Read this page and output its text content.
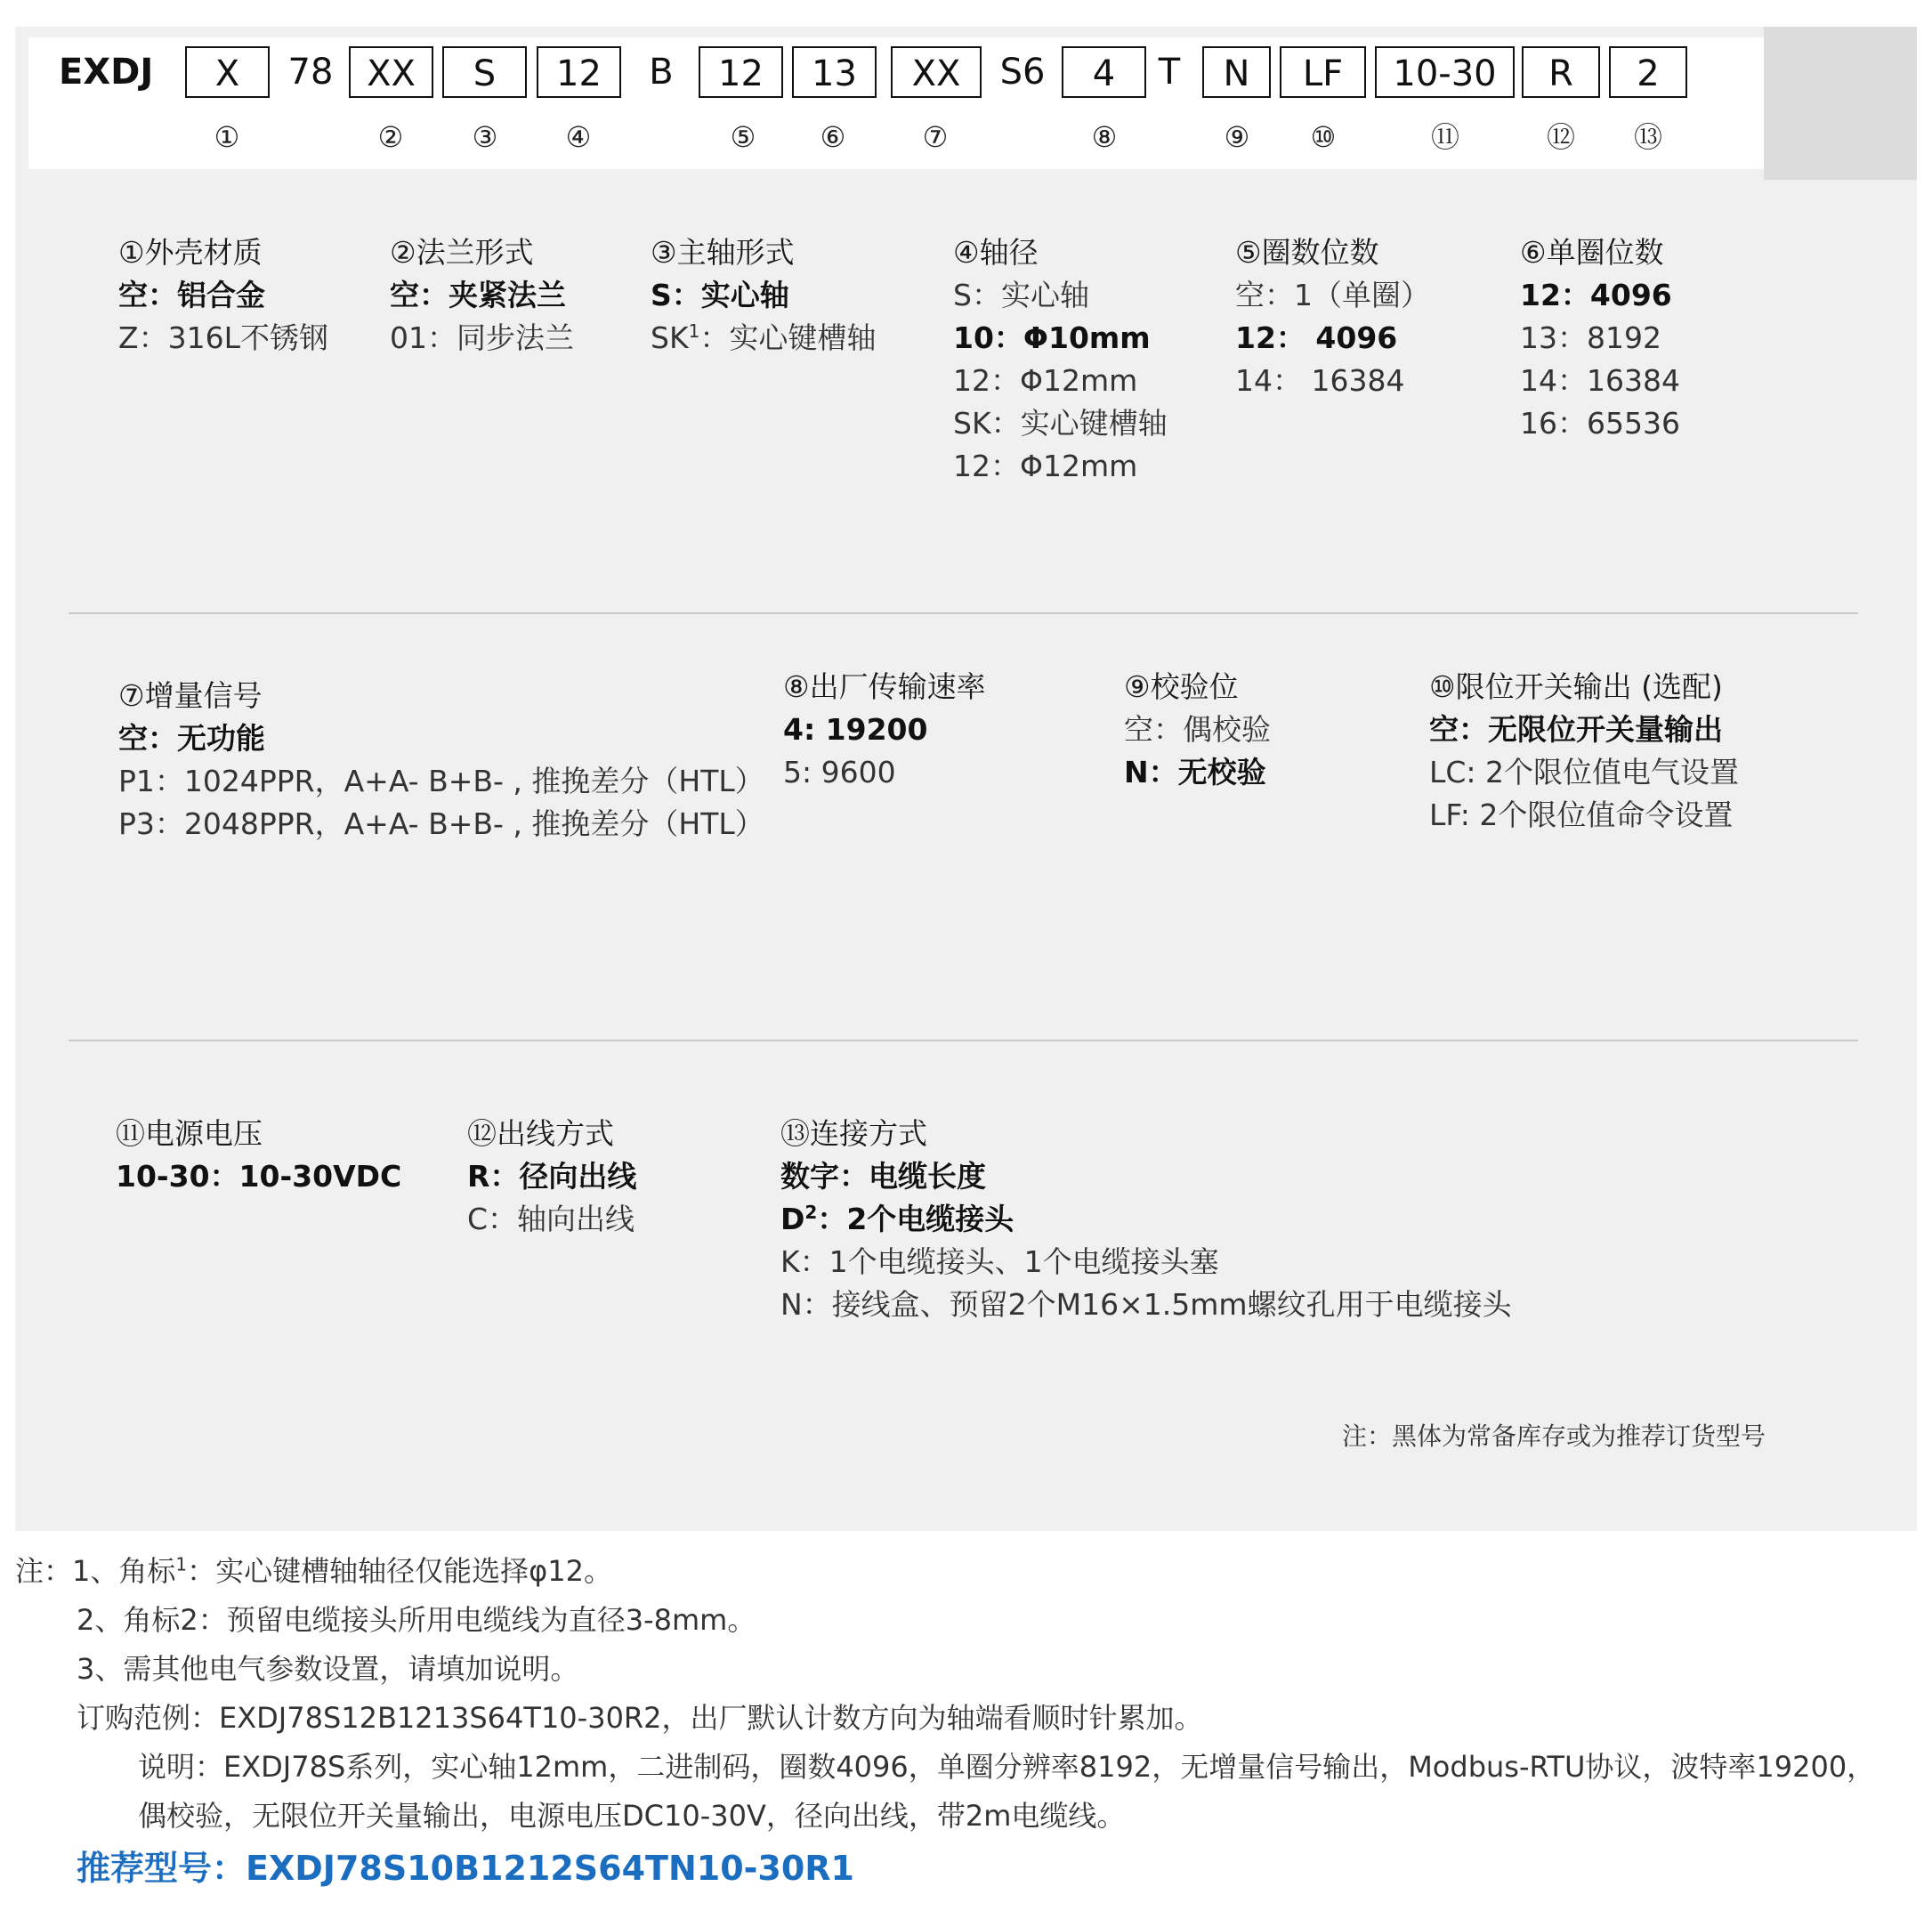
EXDJ	X	78 XX	S	12	B	12	13	XX	S6	4	T	N	LF	10-30	R	2
①	② ③ ④	⑤ ⑥	⑦	⑧	⑨ ⑩	⑪	⑫ ⑬
①外壳材质
空：铝合金
Z：316L不锈钢
②法兰形式
空：夹紧法兰
01：同步法兰
③主轴形式
S：实心轴
$SK^1$：实心键槽轴
④轴径
S：实心轴
10：Φ10mm
12：Φ12mm
SK：实心键槽轴
12：Φ12mm
⑤圈数位数
空：1（单圈）
12： 4096
14： 16384
⑥单圈位数
12：4096
13：8192
14：16384
16：65536
⑦增量信号
空：无功能
P1：1024PPR，A+A- B+B- , 推挽差分（HTL）
P3：2048PPR，A+A- B+B- , 推挽差分（HTL）
⑧出厂传输速率
4: 19200
5: 9600
⑨校验位
空：偶校验
N：无校验
⑩限位开关输出 (选配)
空：无限位开关量输出
LC: 2个限位值电气设置
LF: 2个限位值命令设置
⑪电源电压
10-30：10-30VDC
⑫出线方式
R：径向出线
C：轴向出线
⑬连接方式
数字：电缆长度
$D^2$：2个电缆接头
K：1个电缆接头、1个电缆接头塞
N：接线盒、预留2个M16×1.5mm螺纹孔用于电缆接头
注：黑体为常备库存或为推荐订货型号
注：1、角标$^1$：实心键槽轴轴径仅能选择φ12。
2、角标2：预留电缆接头所用电缆线为直径3-8mm。
3、需其他电气参数设置，请填加说明。
订购范例：EXDJ78S12B1213S64T10-30R2，出厂默认计数方向为轴端看顺时针累加。
说明：EXDJ78S系列，实心轴12mm，二进制码，圈数4096，单圈分辨率8192，无增量信号输出，Modbus-RTU协议，波特率19200，
偶校验，无限位开关量输出，电源电压DC10-30V，径向出线，带2m电缆线。
推荐型号：EXDJ78S10B1212S64TN10-30R1
